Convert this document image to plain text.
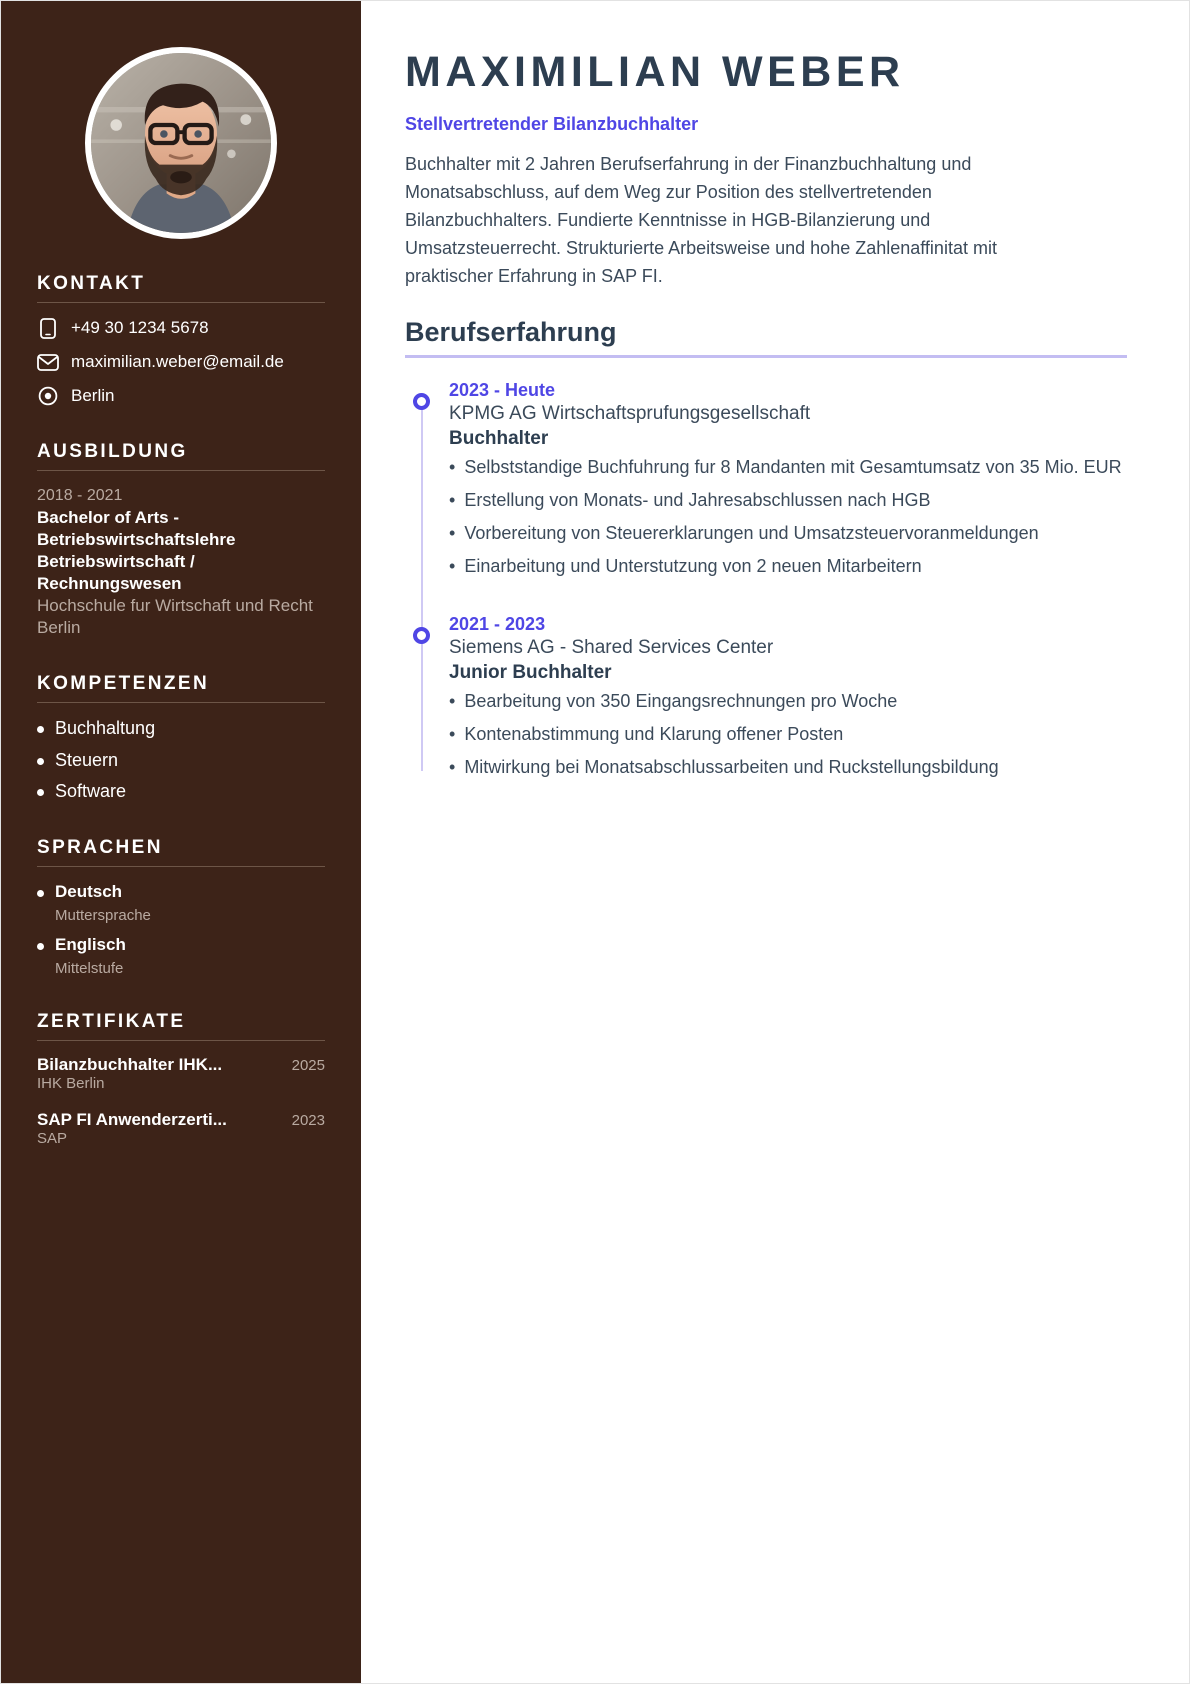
KONTAKT
+49 30 1234 5678
maximilian.weber@email.de
Berlin
AUSBILDUNG
2018 - 2021
Bachelor of Arts - Betriebswirtschaftslehre Betriebswirtschaft / Rechnungswesen
Hochschule fur Wirtschaft und Recht Berlin
KOMPETENZEN
Buchhaltung
Steuern
Software
SPRACHEN
Deutsch
Muttersprache
Englisch
Mittelstufe
ZERTIFIKATE
Bilanzbuchhalter IHK...	2025
IHK Berlin
SAP FI Anwenderzerti...	2023
SAP
MAXIMILIAN WEBER
Stellvertretender Bilanzbuchhalter

Buchhalter mit 2 Jahren Berufserfahrung in der Finanzbuchhaltung und Monatsabschluss, auf dem Weg zur Position des stellvertretenden Bilanzbuchhalters. Fundierte Kenntnisse in HGB-Bilanzierung und Umsatzsteuerrecht. Strukturierte Arbeitsweise und hohe Zahlenaffinitat mit praktischer Erfahrung in SAP FI.

Berufserfahrung
2023 - Heute
KPMG AG Wirtschaftsprufungsgesellschaft
Buchhalter
• Selbststandige Buchfuhrung fur 8 Mandanten mit Gesamtumsatz von 35 Mio. EUR
• Erstellung von Monats- und Jahresabschlussen nach HGB
• Vorbereitung von Steuererklarungen und Umsatzsteuervoranmeldungen
• Einarbeitung und Unterstutzung von 2 neuen Mitarbeitern
2021 - 2023
Siemens AG - Shared Services Center
Junior Buchhalter
• Bearbeitung von 350 Eingangsrechnungen pro Woche
• Kontenabstimmung und Klarung offener Posten
• Mitwirkung bei Monatsabschlussarbeiten und Ruckstellungsbildung
